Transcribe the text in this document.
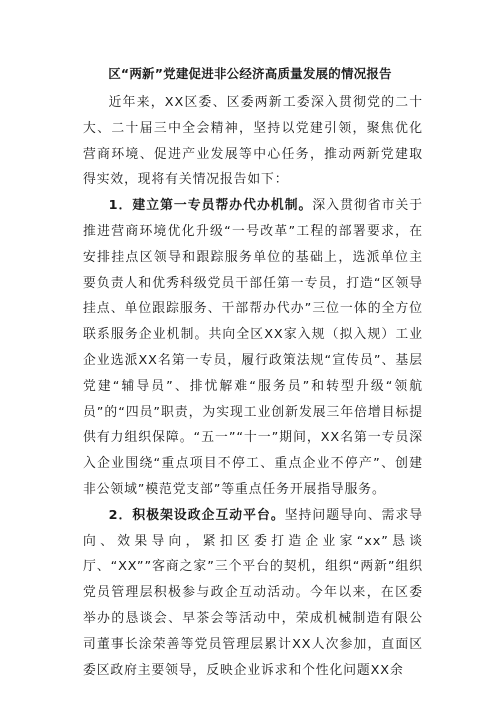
区“两新”党建促进非公经济高质量发展的情况报告

近年来，XX区委、区委两新工委深入贯彻党的二十大、二十届三中全会精神，坚持以党建引领，聚焦优化营商环境、促进产业发展等中心任务，推动两新党建取得实效，现将有关情况报告如下：

1．建立第一专员帮办代办机制。深入贯彻省市关于推进营商环境优化升级“一号改革”工程的部署要求，在安排挂点区领导和跟踪服务单位的基础上，选派单位主要负责人和优秀科级党员干部任第一专员，打造“区领导挂点、单位跟踪服务、干部帮办代办”三位一体的全方位联系服务企业机制。共向全区XX家入规（拟入规）工业企业选派XX名第一专员，履行政策法规“宣传员”、基层党建“辅导员”、排忧解难“服务员”和转型升级“领航员”的“四员”职责，为实现工业创新发展三年倍增目标提供有力组织保障。“五一”“十一”期间，XX名第一专员深入企业围绕“重点项目不停工、重点企业不停产”、创建非公领域”模范党支部”等重点任务开展指导服务。

2．积极架设政企互动平台。坚持问题导向、需求导向、效果导向，紧扣区委打造企业家“xx”恳谈厅、“XX””客商之家”三个平台的契机，组织“两新”组织党员管理层积极参与政企互动活动。今年以来，在区委举办的恳谈会、早茶会等活动中，荣成机械制造有限公司董事长涂荣善等党员管理层累计XX人次参加，直面区委区政府主要领导，反映企业诉求和个性化问题XX余
